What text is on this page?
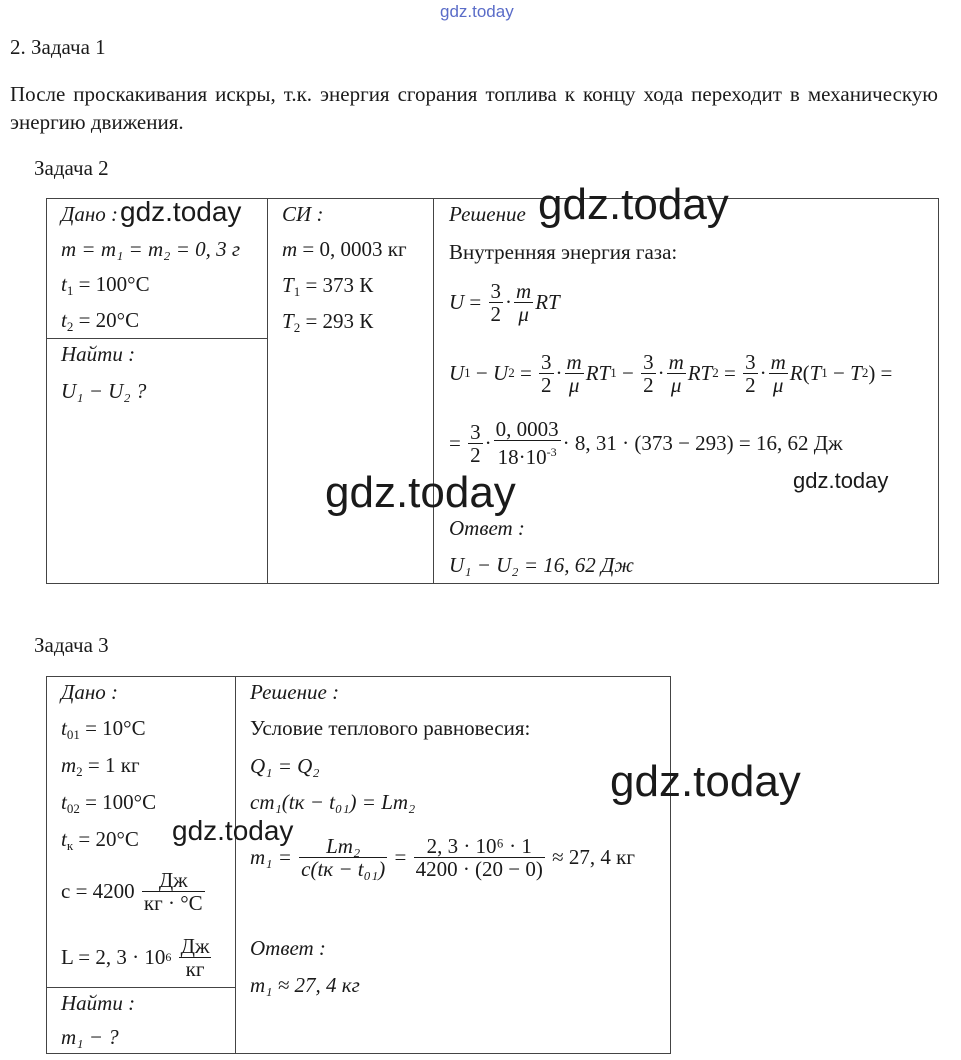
gdz.today
2. Задача 1
После проскакивания искры, т.к. энергия сгорания топлива к концу хода переходит в механическую энергию движения.
Задача 2
Дано :
m = m₁ = m₂ = 0, 3 г
$t_1 = 100^\circ C$
$t_2 = 20^\circ C$
Найти :
U₁ − U₂ ?
СИ :
m = 0, 0003 кг
$T_1 = 373$ К
$T_2 = 293$ К
Решение
Внутренняя энергия газа:
$U = \frac{3}{2} \cdot \frac{m}{\mu}$ RT
U 1 − U $2 = \frac{3}{2} \cdot \frac{m}{\mu}$ RT $1 - \frac{3}{2} \cdot \frac{m}{\mu}$ RT $2 = \frac{3}{2} \cdot \frac{m}{\mu}$ R ( T 1 − T 2 ) =
= $\frac{3}{2} \cdot \frac{0, 0003}{18\cdot 10^{-3}} \cdot 8$, 31 · (373 − 293) = 16, 62 Дж
Ответ :
U₁ − U₂ = 16, 62 Дж
gdz.today	gdz.today
gdz.today	gdz.today
Задача 3
Дано :
$t_{01} = 10^\circ C$
$m_2 = 1$ кг
$t_{02} = 100^\circ C$
$t_к = 20^\circ C$
c = 4200
$\frac{Дж}{кг \cdot ^\circ C}$
L = 2, 3 · 10 6
$\frac{Дж}{кг}$
Найти :
m₁ − ?
Решение :
Условие теплового равновесия:
Q₁ = Q₂
cm₁(tк − t₀₁) = Lm₂
m₁ =
$\frac{\text{Lm₂}}{\text{c(tк − t₀₁)}} = \frac{\text{2, 3 · 10⁶ · 1}}{4200 \cdot (20 - 0)}$
≈ 27, 4 кг
Ответ :
m₁ ≈ 27, 4 кг
gdz.today
gdz.today
